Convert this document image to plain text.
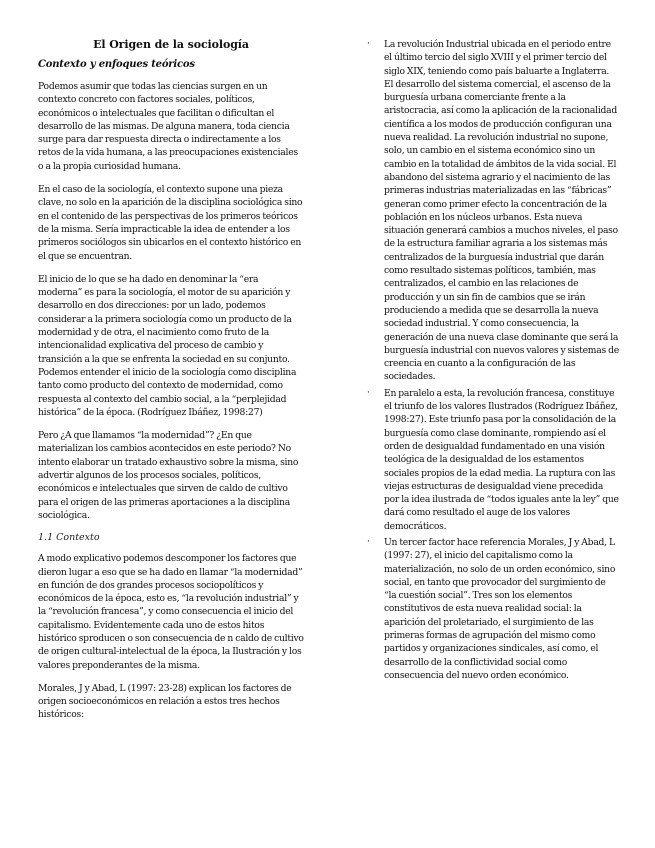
El Origen de la sociología
Contexto y enfoques teóricos

Podemos asumir que todas las ciencias surgen en un contexto concreto con factores sociales, políticos, económicos o intelectuales que facilitan o dificultan el desarrollo de las mismas. De alguna manera, toda ciencia surge para dar respuesta directa o indirectamente a los retos de la vida humana, a las preocupaciones existenciales o a la propia curiosidad humana.

En el caso de la sociología, el contexto supone una pieza clave, no solo en la aparición de la disciplina sociológica sino en el contenido de las perspectivas de los primeros teóricos de la misma. Sería impracticable la idea de entender a los primeros sociólogos sin ubicarlos en el contexto histórico en el que se encuentran.

El inicio de lo que se ha dado en denominar la “era moderna” es para la sociología, el motor de su aparición y desarrollo en dos direcciones: por un lado, podemos considerar a la primera sociología como un producto de la modernidad y de otra, el nacimiento como fruto de la intencionalidad explicativa del proceso de cambio y transición a la que se enfrenta la sociedad en su conjunto. Podemos entender el inicio de la sociología como disciplina tanto como producto del contexto de modernidad, como respuesta al contexto del cambio social, a la “perplejidad histórica” de la época. (Rodríguez Ibáñez, 1998:27)

Pero ¿A que llamamos “la modernidad”? ¿En que materializan los cambios acontecidos en este periodo? No intento elaborar un tratado exhaustivo sobre la misma, sino advertir algunos de los procesos sociales, políticos, económicos e intelectuales que sirven de caldo de cultivo para el origen de las primeras aportaciones a la disciplina sociológica.

1.1 Contexto

A modo explicativo podemos descomponer los factores que dieron lugar a eso que se ha dado en llamar “la modernidad” en función de dos grandes procesos sociopolíticos y económicos de la época, esto es, “la revolución industrial” y la “revolución francesa”, y como consecuencia el inicio del capitalismo. Evidentemente cada uno de estos hitos histórico sproducen o son consecuencia de n caldo de cultivo de origen cultural-intelectual de la época, la Ilustración y los valores preponderantes de la misma.

Morales, J y Abad, L (1997: 23-28) explican los factores de origen socioeconómicos en relación a estos tres hechos históricos:

· La revolución Industrial ubicada en el periodo entre el último tercio del siglo XVIII y el primer tercio del siglo XIX, teniendo como país baluarte a Inglaterra.

El desarrollo del sistema comercial, el ascenso de la burguesía urbana comerciante frente a la aristocracia, así como la aplicación de la racionalidad científica a los modos de producción configuran una nueva realidad. La revolución industrial no supone, solo, un cambio en el sistema económico sino un cambio en la totalidad de ámbitos de la vida social. El abandono del sistema agrario y el nacimiento de las primeras industrias materializadas en las “fábricas” generan como primer efecto la concentración de la población en los núcleos urbanos. Esta nueva situación generará cambios a muchos niveles, el paso de la estructura familiar agraria a los sistemas más centralizados de la burguesía industrial que darán como resultado sistemas políticos, también, mas centralizados, el cambio en las relaciones de producción y un sin fin de cambios que se irán produciendo a medida que se desarrolla la nueva sociedad industrial. Y como consecuencia, la generación de una nueva clase dominante que será la burguesía industrial con nuevos valores y sistemas de creencia en cuanto a la configuración de las sociedades.

· En paralelo a esta, la revolución francesa, constituye el triunfo de los valores Ilustrados (Rodríguez Ibáñez, 1998:27). Este triunfo pasa por la consolidación de la burguesía como clase dominante, rompiendo así el orden de desigualdad fundamentado en una visión teológica de la desigualdad de los estamentos sociales propios de la edad media. La ruptura con las viejas estructuras de desigualdad viene precedida por la idea ilustrada de “todos iguales ante la ley” que dará como resultado el auge de los valores democráticos.

· Un tercer factor hace referencia Morales, J y Abad, L (1997: 27), el inicio del capitalismo como la materialización, no solo de un orden económico, sino social, en tanto que provocador del surgimiento de “la cuestión social”. Tres son los elementos constitutivos de esta nueva realidad social: la aparición del proletariado, el surgimiento de las primeras formas de agrupación del mismo como partidos y organizaciones sindicales, así como, el desarrollo de la conflictividad social como consecuencia del nuevo orden económico.
